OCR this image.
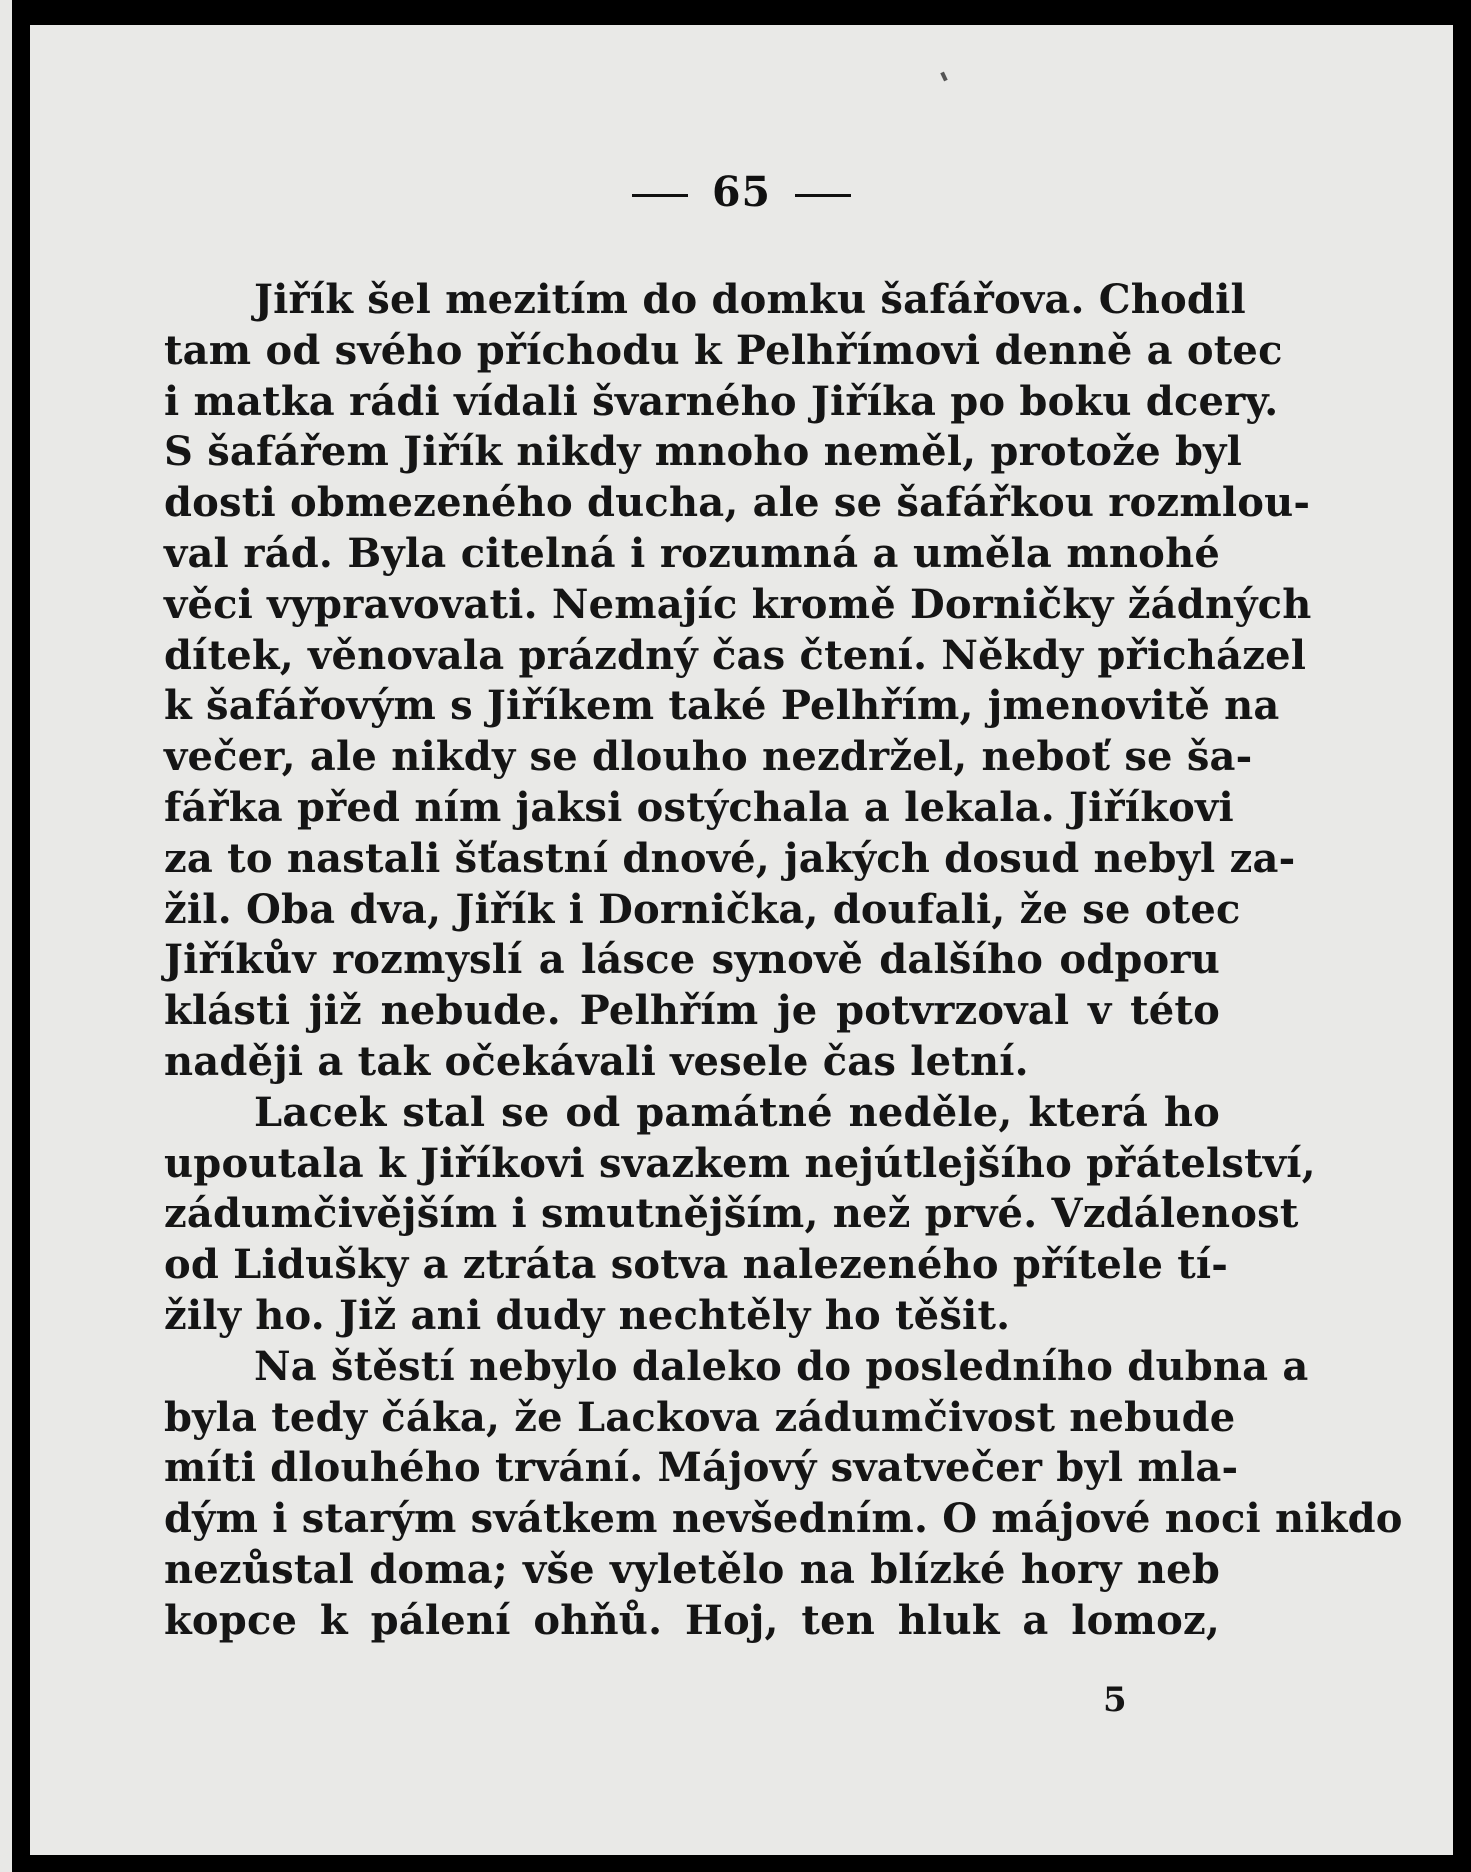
65
Jiřík šel mezitím do domku šafářova. Chodil
tam od svého příchodu k Pelhřímovi denně a otec
i matka rádi vídali švarného Jiříka po boku dcery.
S šafářem Jiřík nikdy mnoho neměl, protože byl
dosti obmezeného ducha, ale se šafářkou rozmlou-
val rád. Byla citelná i rozumná a uměla mnohé
věci vypravovati. Nemajíc kromě Dorničky žádných
dítek, věnovala prázdný čas čtení. Někdy přicházel
k šafářovým s Jiříkem také Pelhřím, jmenovitě na
večer, ale nikdy se dlouho nezdržel, neboť se ša-
fářka před ním jaksi ostýchala a lekala. Jiříkovi
za to nastali šťastní dnové, jakých dosud nebyl za-
žil. Oba dva, Jiřík i Dornička, doufali, že se otec
Jiříkův rozmyslí a lásce synově dalšího odporu
klásti již nebude. Pelhřím je potvrzoval v této
naději a tak očekávali vesele čas letní.
Lacek stal se od památné neděle, která ho
upoutala k Jiříkovi svazkem nejútlejšího přátelství,
zádumčivějším i smutnějším, než prvé. Vzdálenost
od Lidušky a ztráta sotva nalezeného přítele tí-
žily ho. Již ani dudy nechtěly ho těšit.
Na štěstí nebylo daleko do posledního dubna a
byla tedy čáka, že Lackova zádumčivost nebude
míti dlouhého trvání. Májový svatvečer byl mla-
dým i starým svátkem nevšedním. O májové noci nikdo
nezůstal doma; vše vyletělo na blízké hory neb
kopce k pálení ohňů. Hoj, ten hluk a lomoz,
5
